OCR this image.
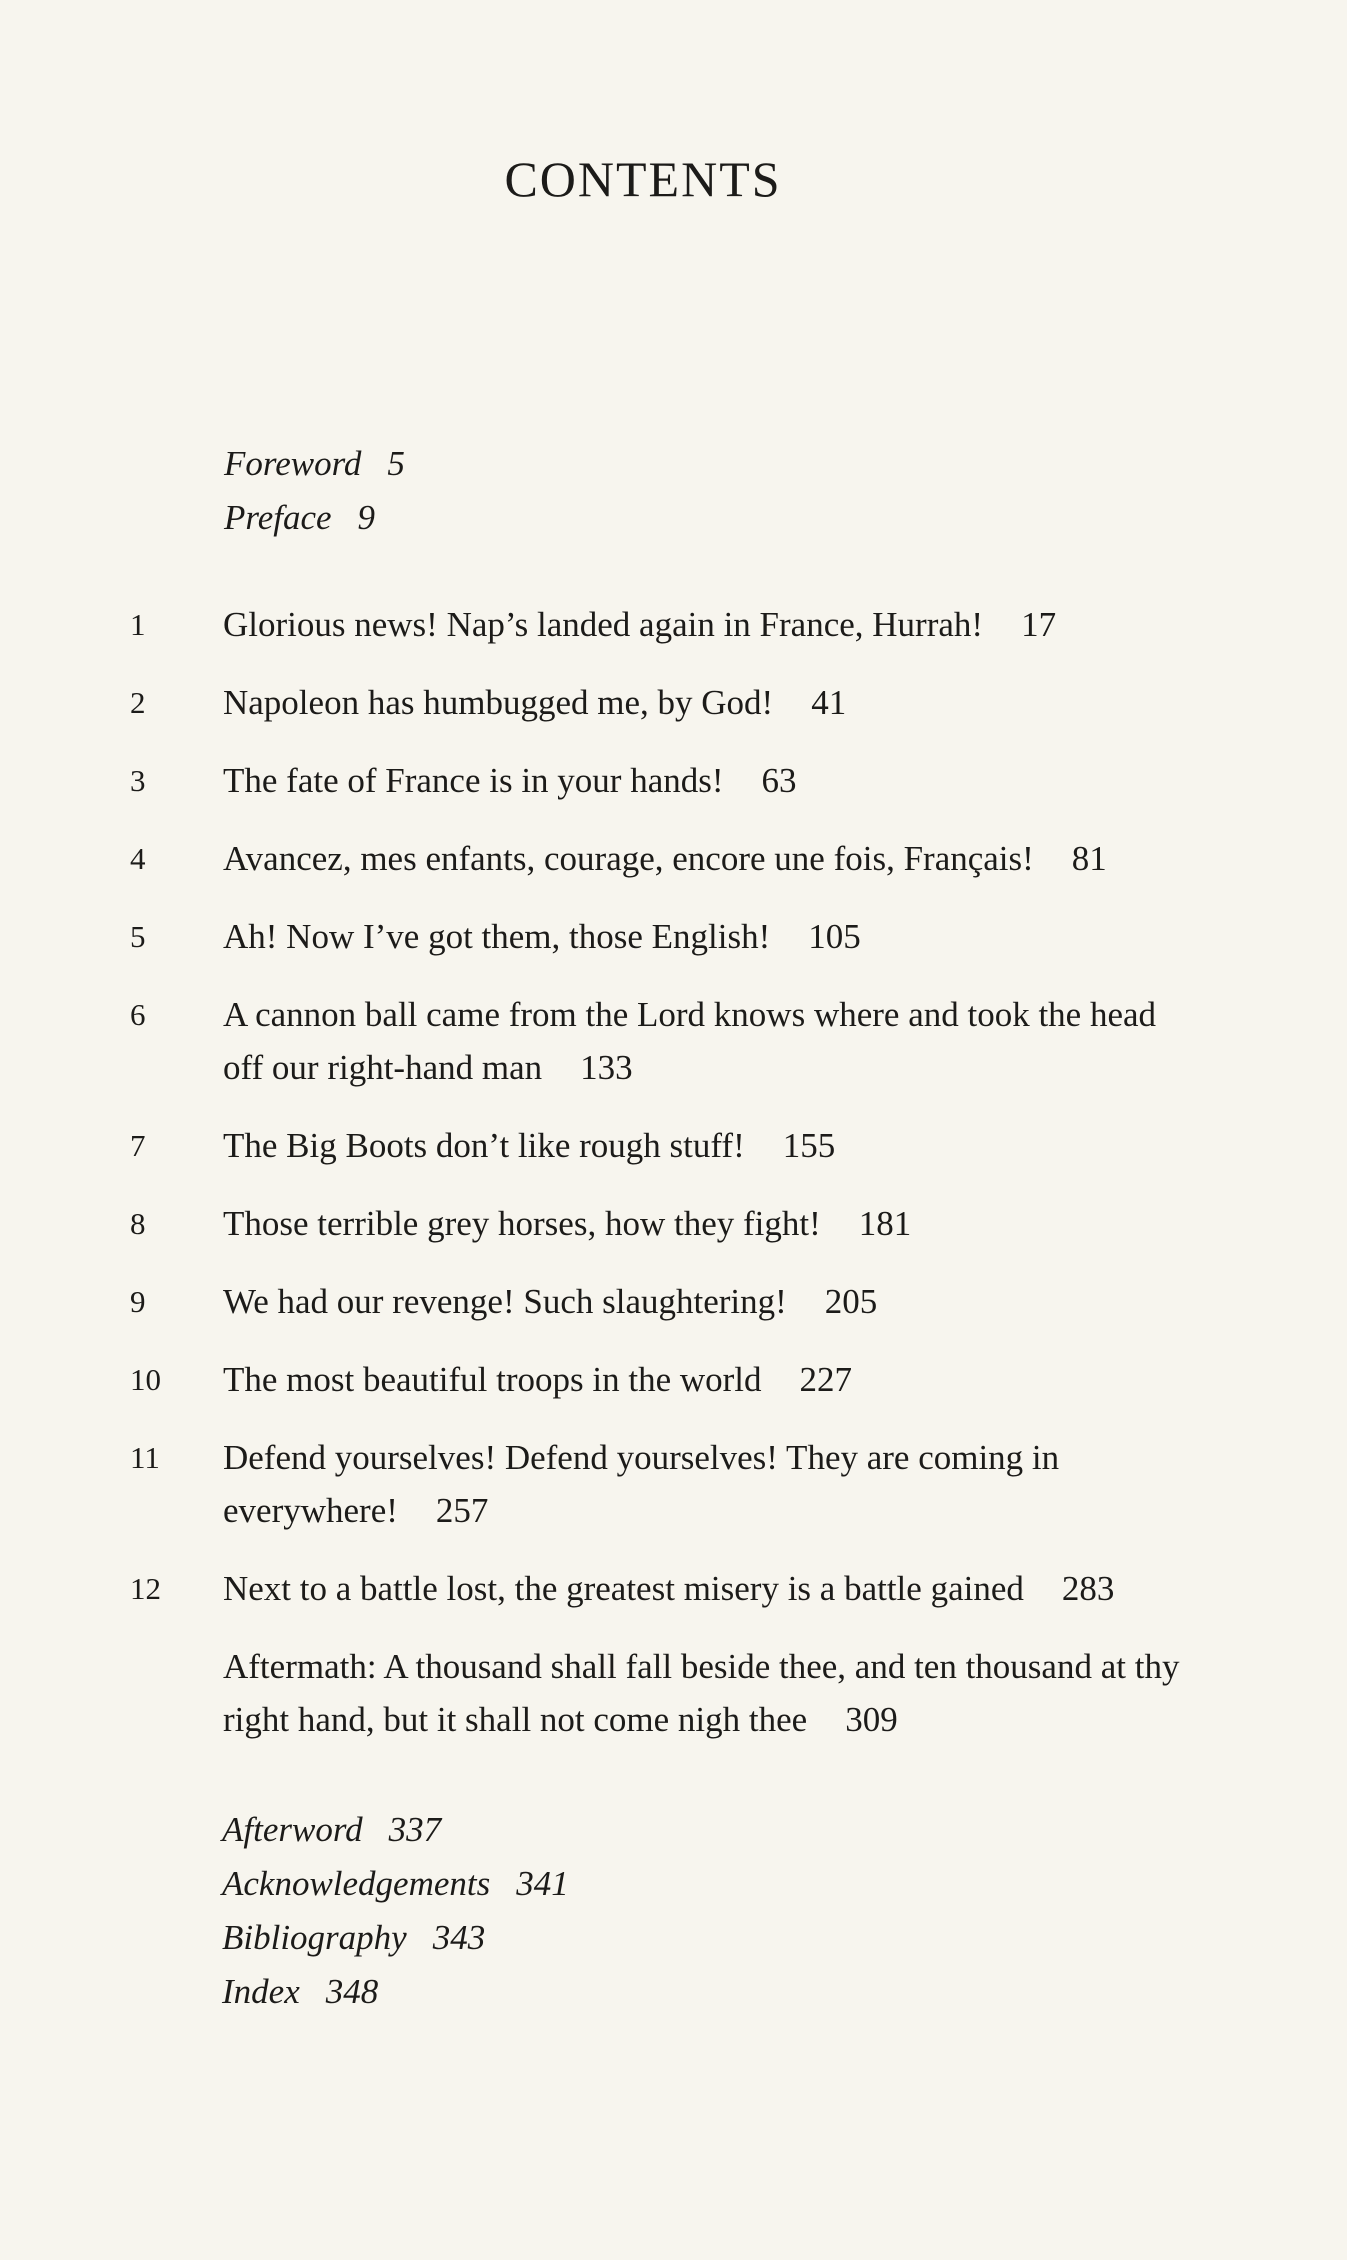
CONTENTS
Foreword 5
Preface 9
1 Glorious news! Nap’s landed again in France, Hurrah! 17
2 Napoleon has humbugged me, by God! 41
3 The fate of France is in your hands! 63
4 Avancez, mes enfants, courage, encore une fois, Français! 81
5 Ah! Now I’ve got them, those English! 105
6 A cannon ball came from the Lord knows where and took the head off our right-hand man 133
7 The Big Boots don’t like rough stuff! 155
8 Those terrible grey horses, how they fight! 181
9 We had our revenge! Such slaughtering! 205
10 The most beautiful troops in the world 227
11 Defend yourselves! Defend yourselves! They are coming in everywhere! 257
12 Next to a battle lost, the greatest misery is a battle gained 283
Aftermath: A thousand shall fall beside thee, and ten thousand at thy right hand, but it shall not come nigh thee 309
Afterword 337
Acknowledgements 341
Bibliography 343
Index 348
